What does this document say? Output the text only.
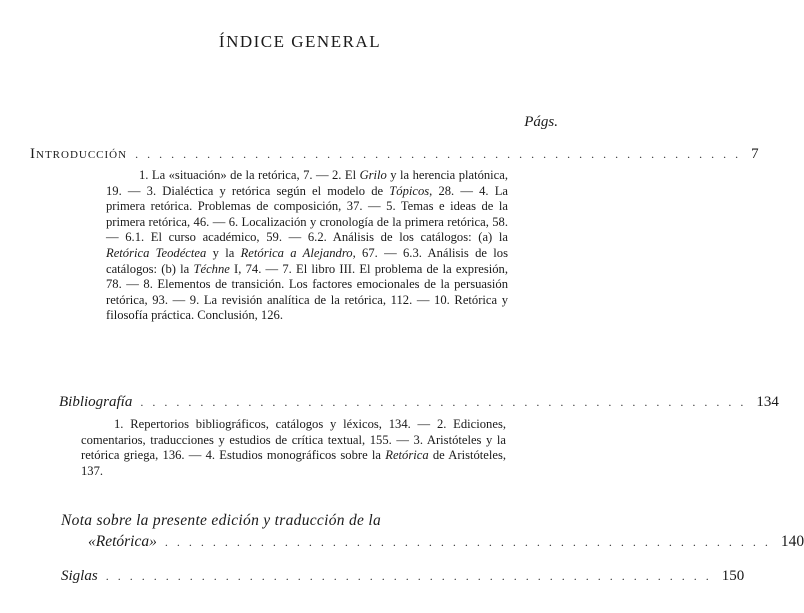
ÍNDICE GENERAL
Págs.
Introducción . . . . . . . . . . . . . . . . . . . . . . . . . . . . . . . . . . . . . . . . . . . . . . . . . . . 7

1. La «situación» de la retórica, 7. — 2. El Grilo y la herencia platónica, 19. — 3. Dialéctica y retórica según el modelo de Tópicos, 28. — 4. La primera retórica. Problemas de composición, 37. — 5. Temas e ideas de la primera retórica, 46. — 6. Localización y cronología de la primera retórica, 58. — 6.1. El curso académico, 59. — 6.2. Análisis de los catálogos: (a) la Retórica Teodéctea y la Retórica a Alejandro, 67. — 6.3. Análisis de los catálogos: (b) la Téchne I, 74. — 7. El libro III. El problema de la expresión, 78. — 8. Elementos de transición. Los factores emocionales de la persuasión retórica, 93. — 9. La revisión analítica de la retórica, 112. — 10. Retórica y filosofía práctica. Conclusión, 126.

Bibliografía . . . . . . . . . . . . . . . . . . . . . . . . . . . . . . . . . . . . . . . . . . . . . . . . . . . 134

1. Repertorios bibliográficos, catálogos y léxicos, 134. — 2. Ediciones, comentarios, traducciones y estudios de crítica textual, 155. — 3. Aristóteles y la retórica griega, 136. — 4. Estudios monográficos sobre la Retórica de Aristóteles, 137.

Nota sobre la presente edición y traducción de la
«Retórica» . . . . . . . . . . . . . . . . . . . . . . . . . . . . . . . . . . . . . . . . . . . . . . . . . . . 140
Siglas . . . . . . . . . . . . . . . . . . . . . . . . . . . . . . . . . . . . . . . . . . . . . . . . . . . 150
